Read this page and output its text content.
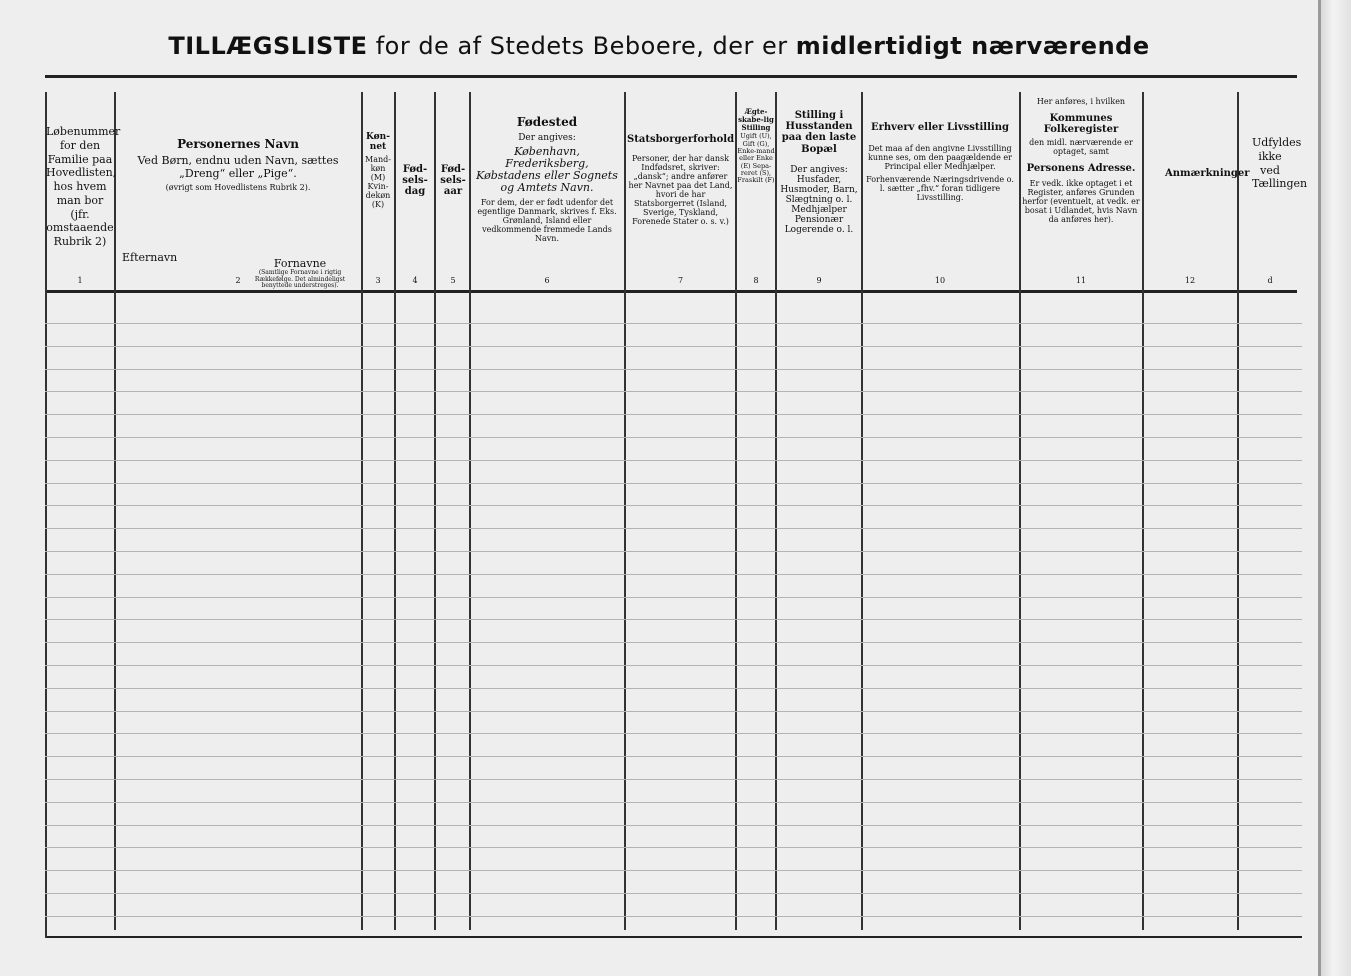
TILLÆGSLISTE for de af Stedets Beboere, der er midlertidigt nærværende
Løbenummer for den Familie paa Hovedlisten, hos hvem man bor (jfr. omstaaende Rubrik 2)
Personernes Navn
Ved Børn, endnu uden Navn, sættes „Dreng“ eller „Pige“.
(øvrigt som Hovedlistens Rubrik 2).
Efternavn	Fornavne
(Samtlige Fornavne i rigtig Rækkefølge. Det almindeligst benyttede understreges).
Køn-net
Mand-køn (M) Kvin-dekøn (K)
Fød-sels-dag
Fød-sels-aar
Fødested
Der angives:
København, Frederiksberg, Købstadens eller Sognets og Amtets Navn.
For dem, der er født udenfor det egentlige Danmark, skrives f. Eks. Grønland, Island eller vedkommende fremmede Lands Navn.
Statsborgerforhold
Personer, der har dansk Indfødsret, skriver: „dansk“; andre anfører her Navnet paa det Land, hvori de har Statsborgerret (Island, Sverige, Tyskland, Forenede Stater o. s. v.)
Ægte-skabe-lig Stilling
Ugift (U), Gift (G), Enke-mand eller Enke (E) Sepa-reret (S), Fraskilt (F)
Stilling i Husstanden paa den laste Bopæl
Der angives: Husfader, Husmoder, Barn, Slægtning o. l. Medhjælper Pensionær Logerende o. l.
Erhverv eller Livsstilling
Det maa af den angivne Livsstilling kunne ses, om den paagældende er Principal eller Medhjælper.
Forhenværende Næringsdrivende o. l. sætter „fhv.“ foran tidligere Livsstilling.
Her anføres, i hvilken
Kommunes Folkeregister
den midl. nærværende er optaget, samt
Personens Adresse.
Er vedk. ikke optaget i et Register, anføres Grunden herfor (eventuelt, at vedk. er bosat i Udlandet, hvis Navn da anføres her).
Anmærkninger
Udfyldes ikke ved Tællingen
1	2	3	4	5	6	7	8	9	10	11	12	d
